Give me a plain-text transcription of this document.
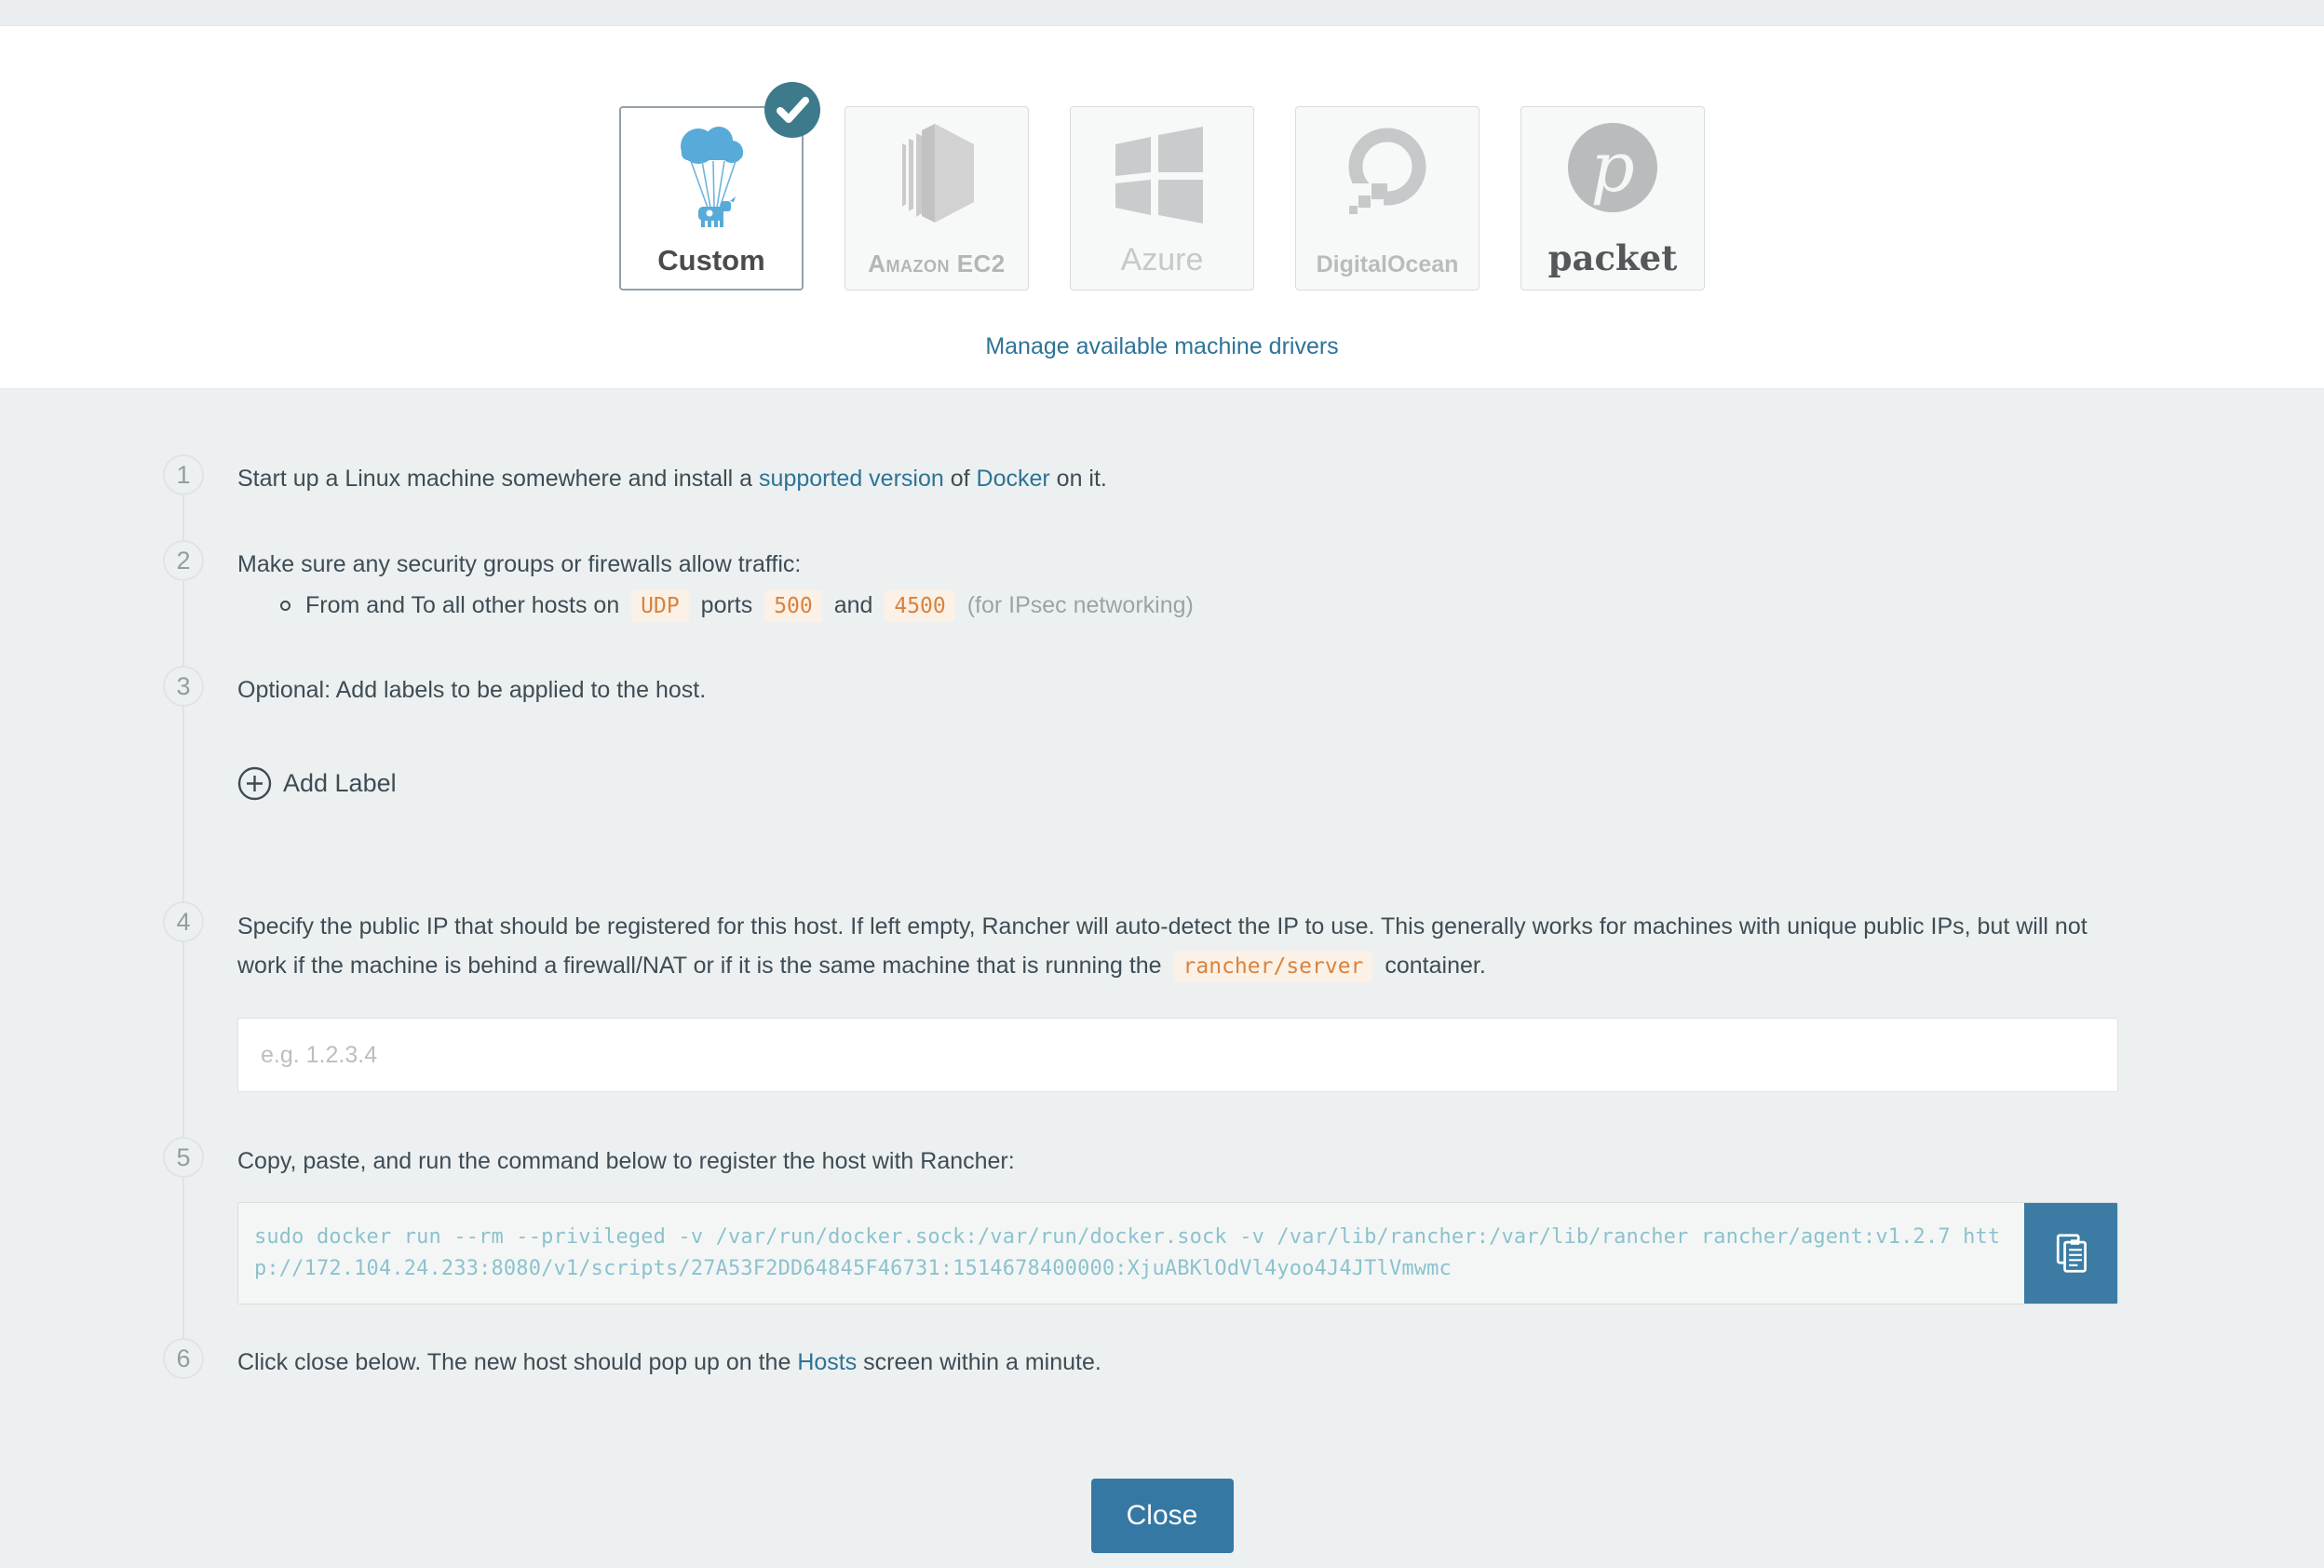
Custom	Amazon EC2	Azure	DigitalOcean
p
packet
Manage available machine drivers
1	Start up a Linux machine somewhere and install a supported version of Docker on it.
2	Make sure any security groups or firewalls allow traffic:
From and To all other hosts on UDP ports 500 and 4500 (for IPsec networking)
3	Optional: Add labels to be applied to the host.
Add Label
4	Specify the public IP that should be registered for this host. If left empty, Rancher will auto-detect the IP to use. This generally works for machines with unique public IPs, but will not work if the machine is behind a firewall/NAT or if it is the same machine that is running the rancher/server container.
e.g. 1.2.3.4
5	Copy, paste, and run the command below to register the host with Rancher:
sudo docker run --rm --privileged -v /var/run/docker.sock:/var/run/docker.sock -v /var/lib/rancher:/var/lib/rancher rancher/agent:v1.2.7 http://172.104.24.233:8080/v1/scripts/27A53F2DD64845F46731:1514678400000:XjuABKlOdVl4yoo4J4JTlVmwmc
6	Click close below. The new host should pop up on the Hosts screen within a minute.
Close
